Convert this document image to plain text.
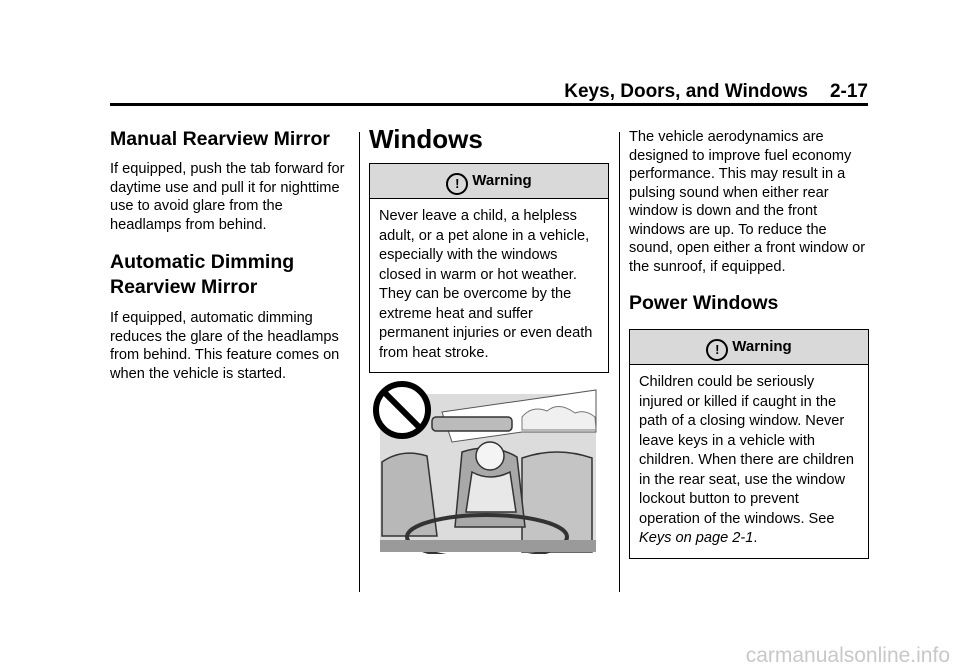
Keys, Doors, and Windows 2-17
Manual Rearview Mirror

If equipped, push the tab forward for daytime use and pull it for nighttime use to avoid glare from the headlamps from behind.

Automatic Dimming
Rearview Mirror

If equipped, automatic dimming reduces the glare of the headlamps from behind. This feature comes on when the vehicle is started.

Windows
! Warning
Never leave a child, a helpless adult, or a pet alone in a vehicle, especially with the windows closed in warm or hot weather. They can be overcome by the extreme heat and suffer permanent injuries or even death from heat stroke.

The vehicle aerodynamics are designed to improve fuel economy performance. This may result in a pulsing sound when either rear window is down and the front windows are up. To reduce the sound, open either a front window or the sunroof, if equipped.

Power Windows
! Warning
Children could be seriously injured or killed if caught in the path of a closing window. Never leave keys in a vehicle with children. When there are children in the rear seat, use the window lockout button to prevent operation of the windows. See Keys on page 2-1.
carmanualsonline.info
